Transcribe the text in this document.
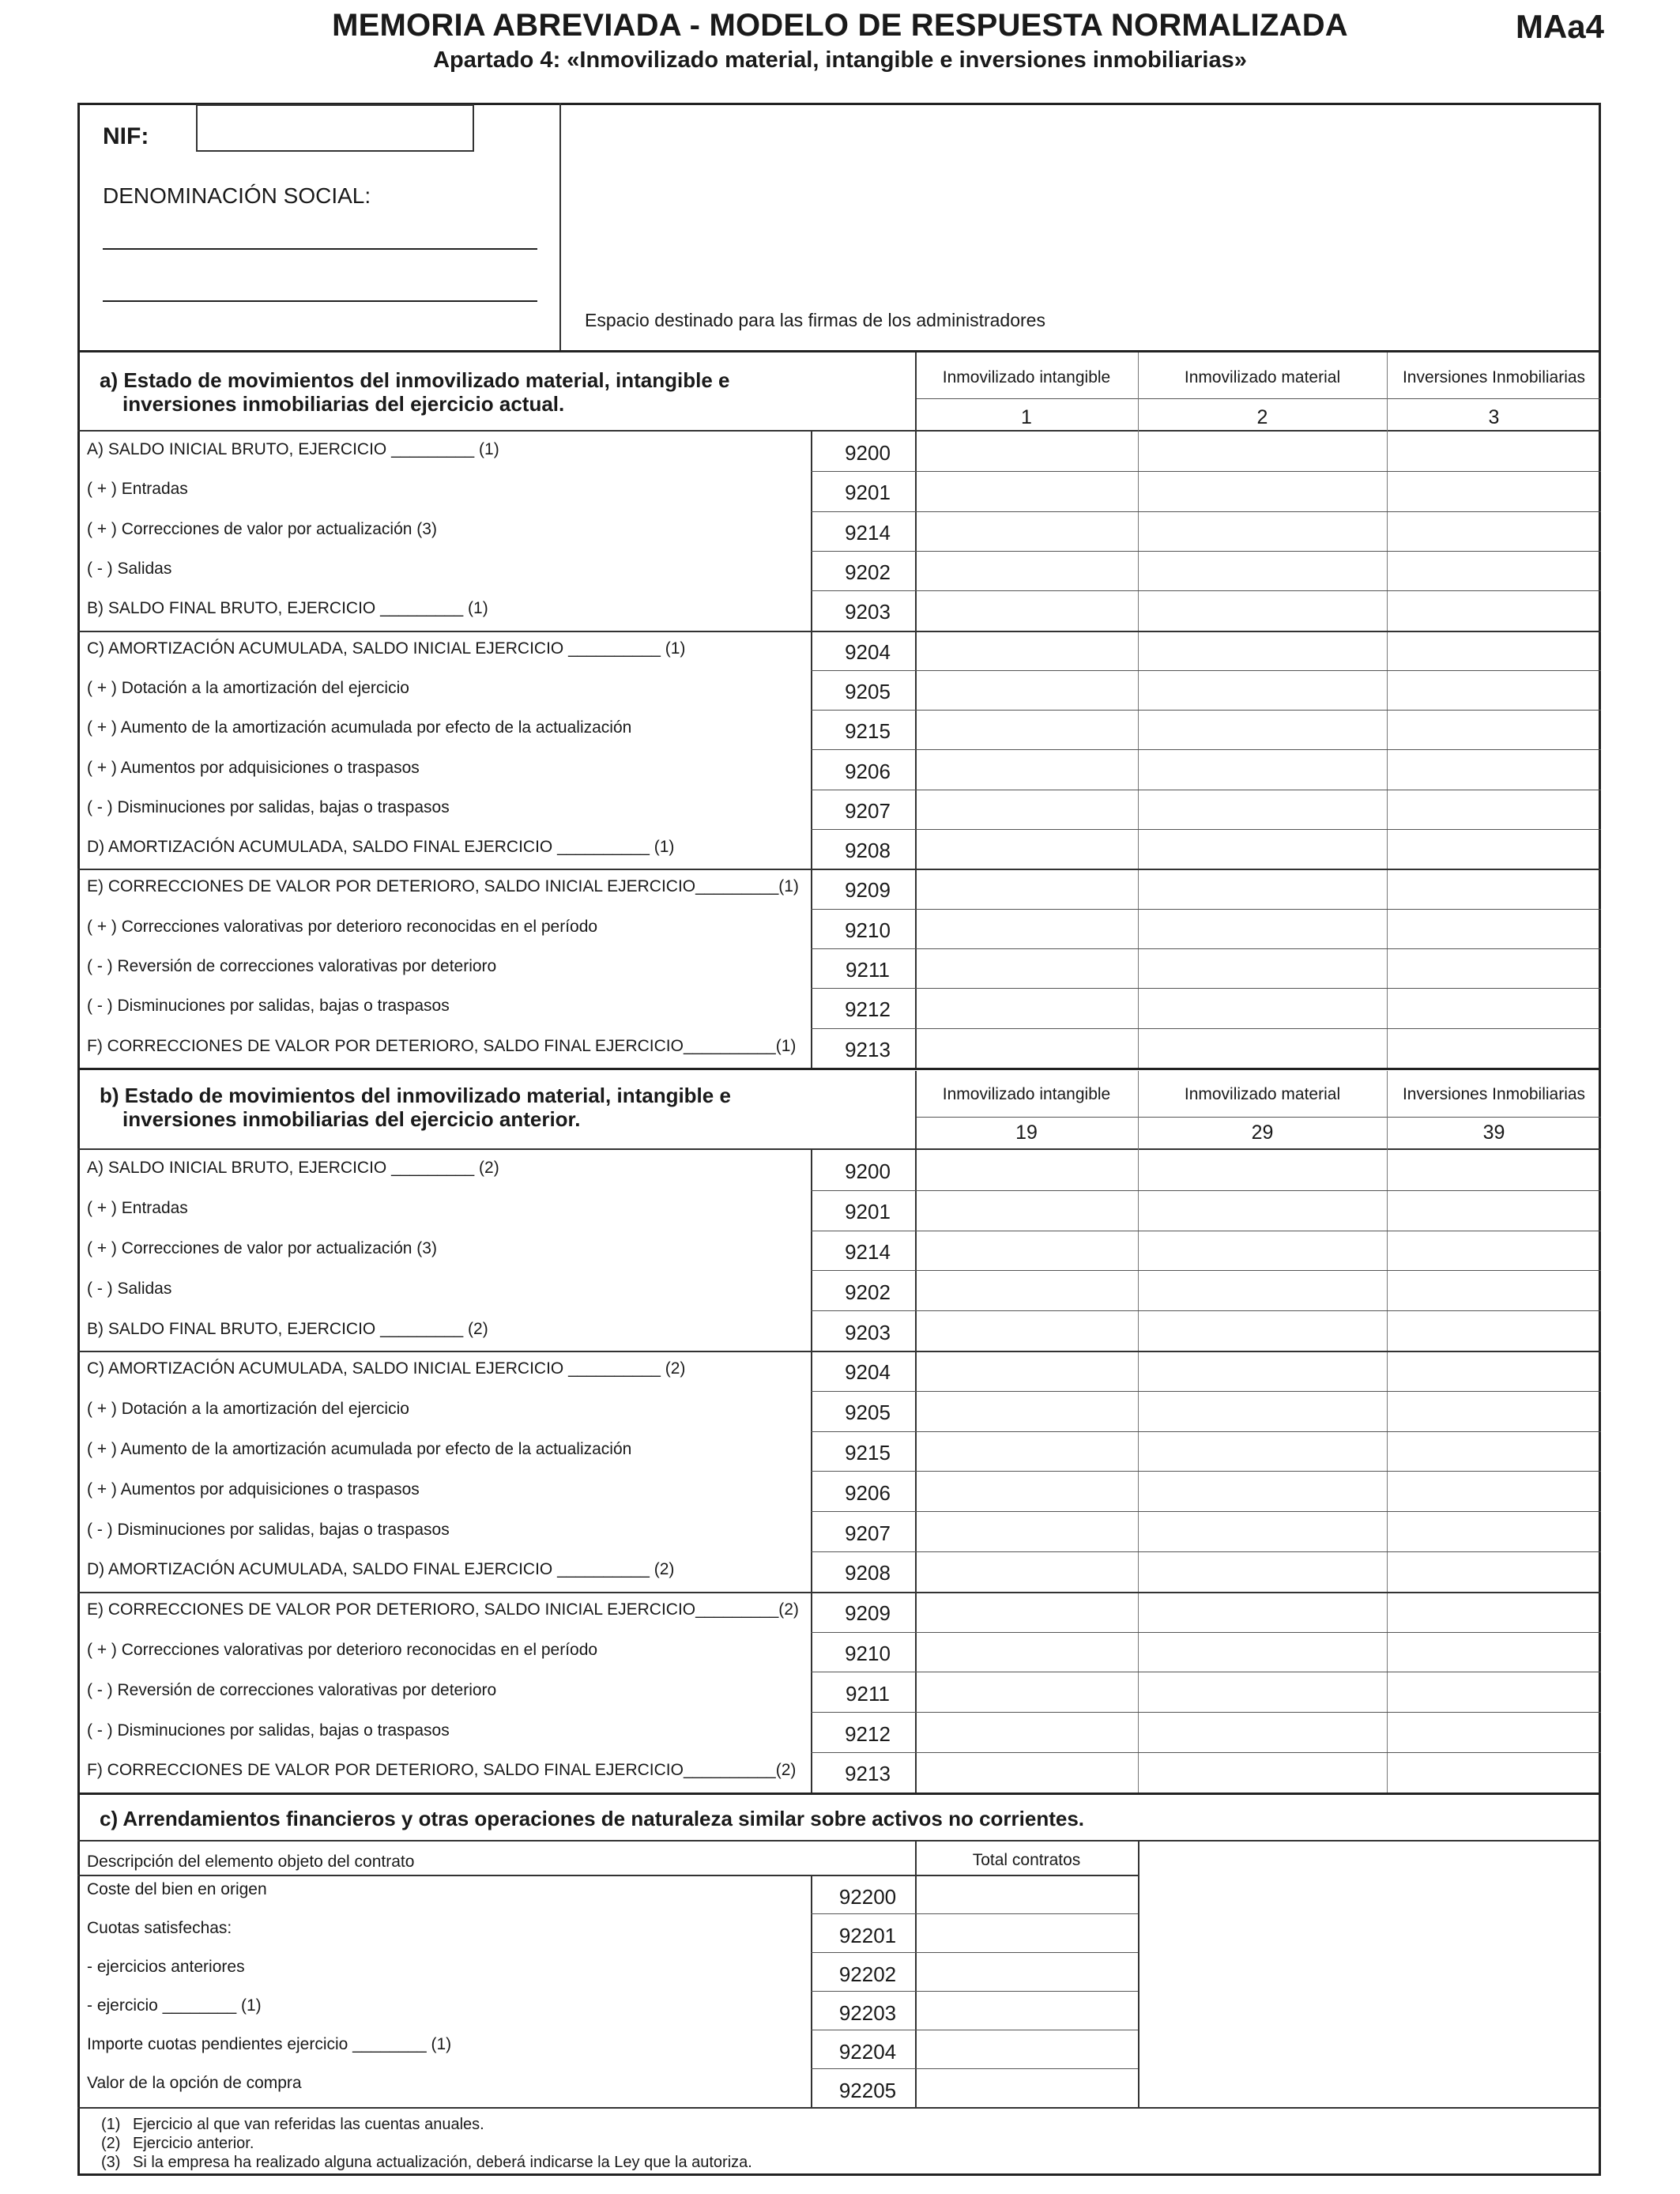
MEMORIA ABREVIADA - MODELO DE RESPUESTA NORMALIZADA
Apartado 4: «Inmovilizado material, intangible e inversiones inmobiliarias»
MAa4
NIF:
DENOMINACIÓN SOCIAL:
Espacio destinado para las firmas de los administradores
a) Estado de movimientos del inmovilizado material, intangible e
inversiones inmobiliarias del ejercicio actual.
Inmovilizado intangible	Inmovilizado material	Inversiones Inmobiliarias
1	2	3
A) SALDO INICIAL BRUTO, EJERCICIO _________ (1)	9200
( + ) Entradas	9201
( + ) Correcciones de valor por actualización (3)	9214
( - ) Salidas	9202
B) SALDO FINAL BRUTO, EJERCICIO _________ (1)	9203
C) AMORTIZACIÓN ACUMULADA, SALDO INICIAL EJERCICIO __________ (1)	9204
( + ) Dotación a la amortización del ejercicio	9205
( + ) Aumento de la amortización acumulada por efecto de la actualización	9215
( + ) Aumentos por adquisiciones o traspasos	9206
( - ) Disminuciones por salidas, bajas o traspasos	9207
D) AMORTIZACIÓN ACUMULADA, SALDO FINAL EJERCICIO __________ (1)	9208
E) CORRECCIONES DE VALOR POR DETERIORO, SALDO INICIAL EJERCICIO_________(1)	9209
( + ) Correcciones valorativas por deterioro reconocidas en el período	9210
( - ) Reversión de correcciones valorativas por deterioro	9211
( - ) Disminuciones por salidas, bajas o traspasos	9212
F) CORRECCIONES DE VALOR POR DETERIORO, SALDO FINAL EJERCICIO__________(1)	9213
b) Estado de movimientos del inmovilizado material, intangible e
inversiones inmobiliarias del ejercicio anterior.
Inmovilizado intangible	Inmovilizado material	Inversiones Inmobiliarias
19	29	39
A) SALDO INICIAL BRUTO, EJERCICIO _________ (2)	9200
( + ) Entradas	9201
( + ) Correcciones de valor por actualización (3)	9214
( - ) Salidas	9202
B) SALDO FINAL BRUTO, EJERCICIO _________ (2)	9203
C) AMORTIZACIÓN ACUMULADA, SALDO INICIAL EJERCICIO __________ (2)	9204
( + ) Dotación a la amortización del ejercicio	9205
( + ) Aumento de la amortización acumulada por efecto de la actualización	9215
( + ) Aumentos por adquisiciones o traspasos	9206
( - ) Disminuciones por salidas, bajas o traspasos	9207
D) AMORTIZACIÓN ACUMULADA, SALDO FINAL EJERCICIO __________ (2)	9208
E) CORRECCIONES DE VALOR POR DETERIORO, SALDO INICIAL EJERCICIO_________(2)	9209
( + ) Correcciones valorativas por deterioro reconocidas en el período	9210
( - ) Reversión de correcciones valorativas por deterioro	9211
( - ) Disminuciones por salidas, bajas o traspasos	9212
F) CORRECCIONES DE VALOR POR DETERIORO, SALDO FINAL EJERCICIO__________(2)	9213
c) Arrendamientos financieros y otras operaciones de naturaleza similar sobre activos no corrientes.
Descripción del elemento objeto del contrato	Total contratos
Coste del bien en origen	92200
Cuotas satisfechas:	92201
- ejercicios anteriores	92202
- ejercicio ________ (1)	92203
Importe cuotas pendientes ejercicio ________ (1)	92204
Valor de la opción de compra	92205
(1) Ejercicio al que van referidas las cuentas anuales.
(2) Ejercicio anterior.
(3) Si la empresa ha realizado alguna actualización, deberá indicarse la Ley que la autoriza.
